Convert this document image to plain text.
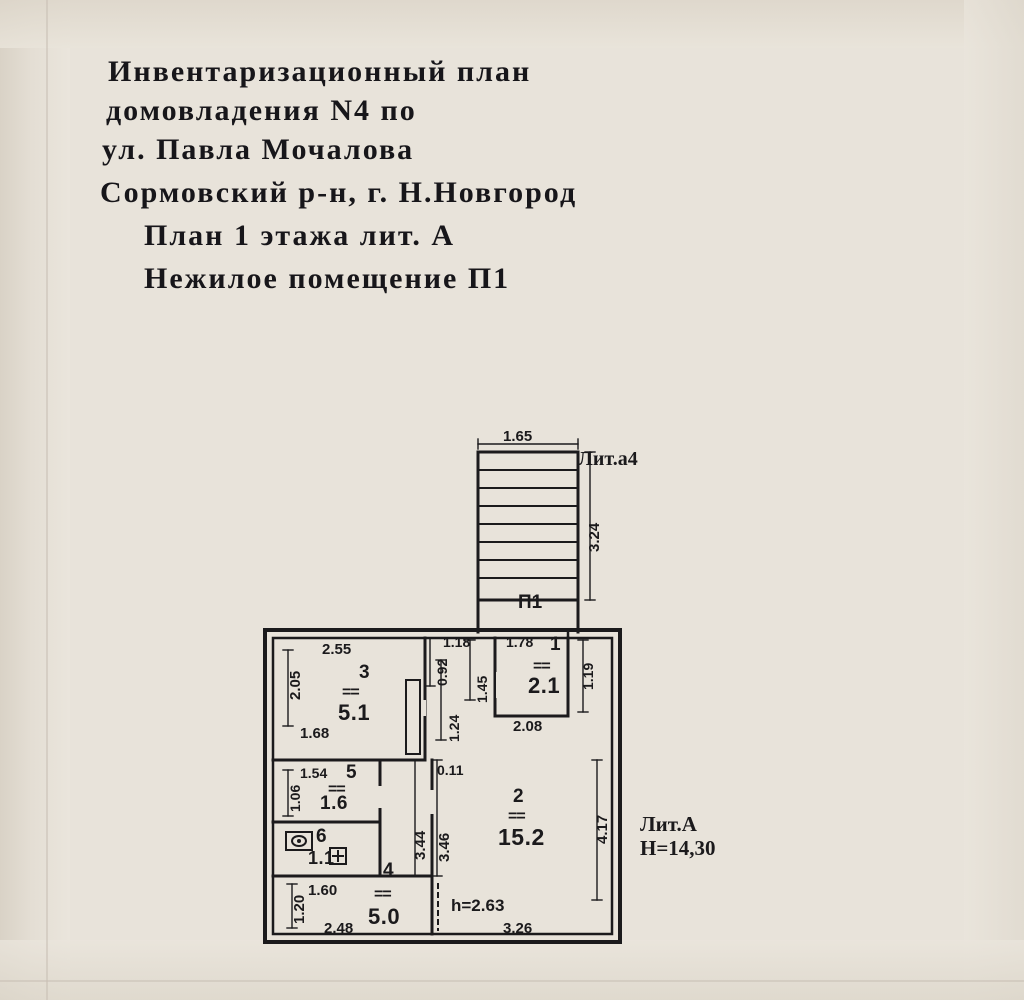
Инвентаризационный план
домовладения N4 по
ул. Павла Мочалова
Сормовский р-н, г. Н.Новгород
План 1 этажа лит. А
Нежилое помещение П1
1.65
Лит.а4
3.24
П1
Лит.А
H=14,30
2.55
2.05	3
==
5.1
1.68
0.92
1.18
1.45
1.24
0.11
1.78 1
==
2.1 1.19
2.08
1.06
1.54 5
==
1.6
6
1.1
2
==
15.2	4.17
3.44 3.46
4
1.20
1.60 ==
5.0
2.48
h=2.63
3.26
